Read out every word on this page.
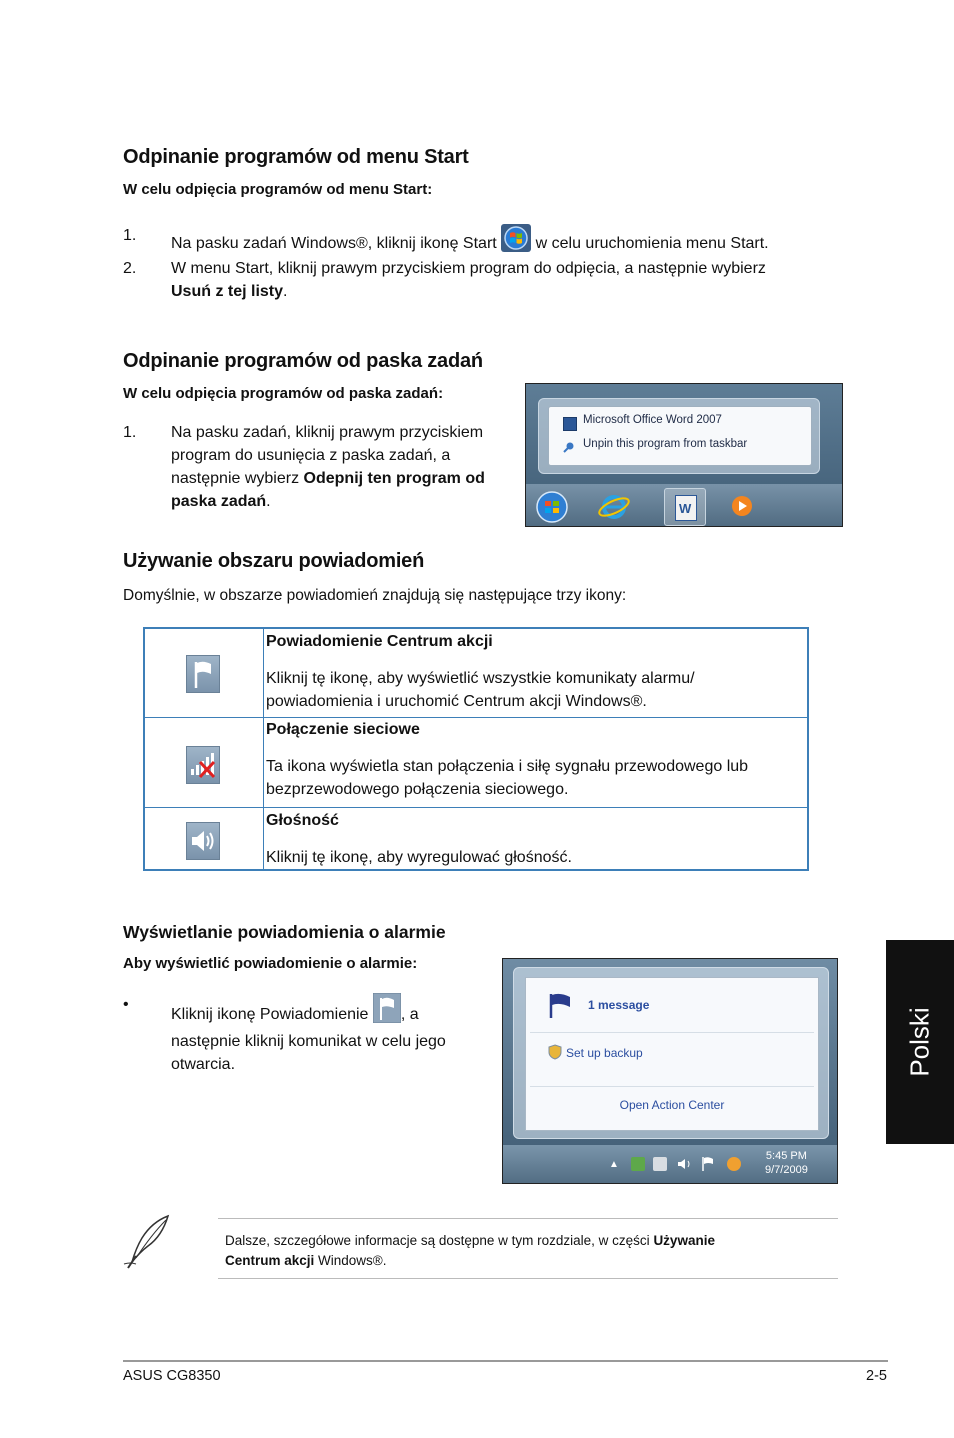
Odpinanie programów od menu Start
W celu odpięcia programów od menu Start:
1. Na pasku zadań Windows®, kliknij ikonę Start w celu uruchomienia menu Start.
2. W menu Start, kliknij prawym przyciskiem program do odpięcia, a następnie wybierz
Usuń z tej listy.
Odpinanie programów od paska zadań
W celu odpięcia programów od paska zadań:
1. Na pasku zadań, kliknij prawym przyciskiem
program do usunięcia z paska zadań, a
następnie wybierz Odepnij ten program od
paska zadań.
Microsoft Office Word 2007
Unpin this program from taskbar
W
Używanie obszaru powiadomień
Domyślnie, w obszarze powiadomień znajdują się następujące trzy ikony:
Powiadomienie Centrum akcji
Kliknij tę ikonę, aby wyświetlić wszystkie komunikaty alarmu/
powiadomienia i uruchomić Centrum akcji Windows®.
Połączenie sieciowe
Ta ikona wyświetla stan połączenia i siłę sygnału przewodowego lub
bezprzewodowego połączenia sieciowego.
Głośność
Kliknij tę ikonę, aby wyregulować głośność.
Wyświetlanie powiadomienia o alarmie
Aby wyświetlić powiadomienie o alarmie:
•
Kliknij ikonę Powiadomienie , a
następnie kliknij komunikat w celu jego
otwarcia.
1 message
Set up backup
Open Action Center
▲
5:45 PM
9/7/2009
Dalsze, szczegółowe informacje są dostępne w tym rozdziale, w części Używanie
Centrum akcji Windows®.
Polski
ASUS CG8350	2-5
